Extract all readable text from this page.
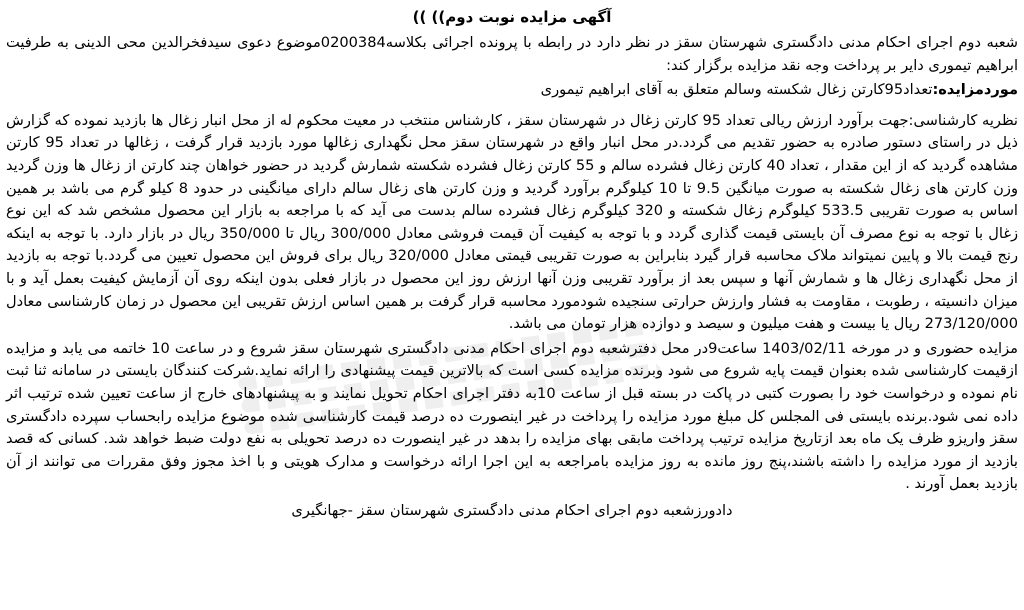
آگهی مزایده نوبت دوم)) ))

شعبه دوم اجرای احکام مدنی دادگستری شهرستان سقز در نظر دارد در رابطه با پرونده اجرائی بکلاسه0200384موضوع دعوی سیدفخرالدین محی الدینی به طرفیت ابراهیم تیموری دایر بر پرداخت وجه نقد مزایده برگزار کند:

موردمزایده:تعداد95کارتن زغال شکسته وسالم متعلق به آقای ابراهیم تیموری

نظریه کارشناسی:جهت برآورد ارزش ریالی تعداد 95 کارتن زغال در شهرستان سقز ، کارشناس منتخب در معیت محکوم له از محل انبار زغال ها بازدید نموده که گزارش ذیل در راستای دستور صادره به حضور تقدیم می گردد.در محل انبار واقع در شهرستان سقز محل نگهداری زغالها مورد بازدید قرار گرفت ، زغالها در تعداد 95 کارتن مشاهده گردید که از این مقدار ، تعداد 40 کارتن زغال فشرده سالم و 55 کارتن زغال فشرده شکسته شمارش گردید در حضور خواهان چند کارتن از زغال ها وزن گردید وزن کارتن های زغال شکسته به صورت میانگین 9.5 تا 10 کیلوگرم برآورد گردید و وزن کارتن های زغال سالم دارای میانگینی در حدود 8 کیلو گرم می باشد بر همین اساس به صورت تقریبی 533.5 کیلوگرم زغال شکسته و 320 کیلوگرم زغال فشرده سالم بدست می آید که با مراجعه به بازار این محصول مشخص شد که این نوع زغال با توجه به نوع مصرف آن بایستی قیمت گذاری گردد و با توجه به کیفیت آن قیمت فروشی معادل 300/000 ریال تا 350/000 ریال در بازار دارد. با توجه به اینکه رنج قیمت بالا و پایین نمیتواند ملاک محاسبه قرار گیرد بنابراین به صورت تقریبی قیمتی معادل 320/000 ریال برای فروش این محصول تعیین می گردد.با توجه به بازدید از محل نگهداری زغال ها و شمارش آنها و سپس بعد از برآورد تقریبی وزن آنها ارزش روز این محصول در بازار فعلی بدون اینکه روی آن آزمایش کیفیت بعمل آید و با میزان دانسیته ، رطوبت ، مقاومت به فشار وارزش حرارتی سنجیده شودمورد محاسبه قرار گرفت بر همین اساس ارزش تقریبی این محصول در زمان کارشناسی معادل 273/120/000 ریال یا بیست و هفت میلیون و سیصد و دوازده هزار تومان می باشد.

مزایده حضوری و در مورخه 1403/02/11 ساعت9در محل دفترشعبه دوم اجرای احکام مدنی دادگستری شهرستان سقز شروع و در ساعت 10 خاتمه می یابد و مزایده ازقیمت کارشناسی شده بعنوان قیمت پایه شروع می شود وبرنده مزایده کسی است که بالاترین قیمت پیشنهادی را ارائه نماید.شرکت کنندگان بایستی در سامانه ثنا ثبت نام نموده و درخواست خود را بصورت کتبی در پاکت در بسته قبل از ساعت 10به دفتر اجرای احکام تحویل نمایند و به پیشنهادهای خارج از ساعت تعیین شده ترتیب اثر داده نمی شود.برنده بایستی فی المجلس کل مبلغ مورد مزایده را پرداخت در غیر اینصورت ده درصد قیمت کارشناسی شده موضوع مزایده رابحساب سپرده دادگستری سقز واریزو ظرف یک ماه بعد ازتاریخ مزایده ترتیب پرداخت مابقی بهای مزایده را بدهد در غیر اینصورت ده درصد تحویلی به نفع دولت ضبط خواهد شد. کسانی که قصد بازدید از مورد مزایده را داشته باشند،پنج روز مانده به روز مزایده بامراجعه به این اجرا ارائه درخواست و مدارک هویتی و با اخذ مجوز وفق مقررات می توانند از آن بازدید بعمل آورند .

دادورزشعبه دوم اجرای احکام مدنی دادگستری شهرستان سقز -جهانگیری
